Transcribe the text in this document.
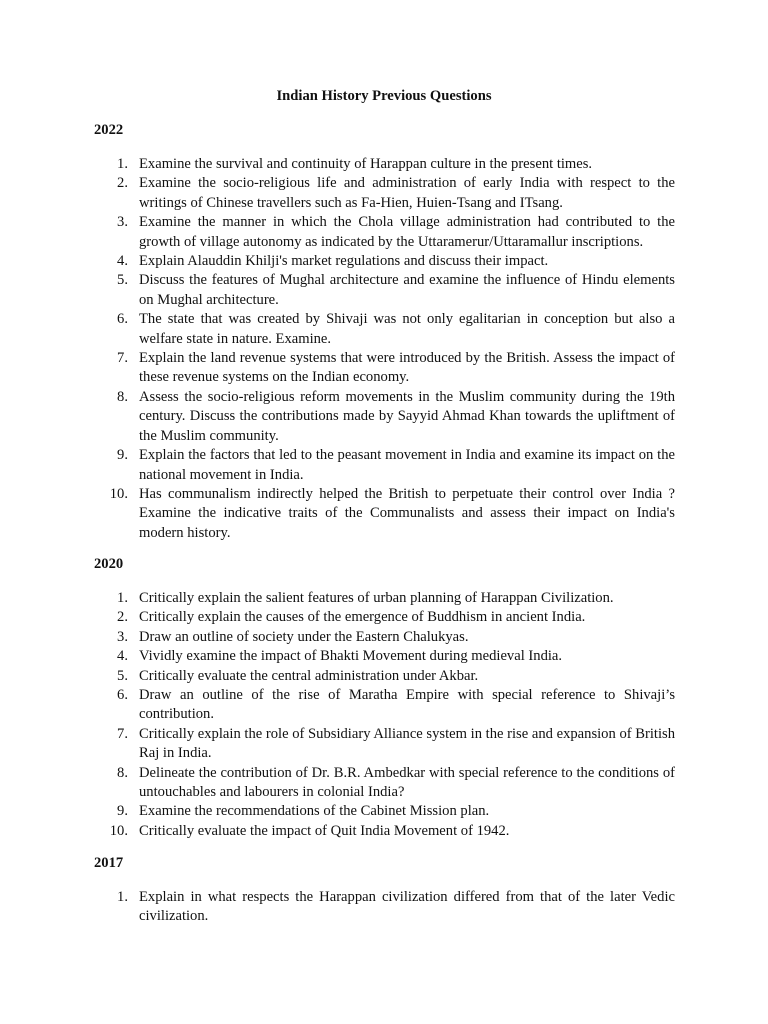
Indian History Previous Questions
2022
1. Examine the survival and continuity of Harappan culture in the present times.
2. Examine the socio-religious life and administration of early India with respect to the writings of Chinese travellers such as Fa-Hien, Huien-Tsang and ITsang.
3. Examine the manner in which the Chola village administration had contributed to the growth of village autonomy as indicated by the Uttaramerur/Uttaramallur inscriptions.
4. Explain Alauddin Khilji's market regulations and discuss their impact.
5. Discuss the features of Mughal architecture and examine the influence of Hindu elements on Mughal architecture.
6. The state that was created by Shivaji was not only egalitarian in conception but also a welfare state in nature. Examine.
7. Explain the land revenue systems that were introduced by the British. Assess the impact of these revenue systems on the Indian economy.
8. Assess the socio-religious reform movements in the Muslim community during the 19th century. Discuss the contributions made by Sayyid Ahmad Khan towards the upliftment of the Muslim community.
9. Explain the factors that led to the peasant movement in India and examine its impact on the national movement in India.
10. Has communalism indirectly helped the British to perpetuate their control over India ? Examine the indicative traits of the Communalists and assess their impact on India's modern history.
2020
1. Critically explain the salient features of urban planning of Harappan Civilization.
2. Critically explain the causes of the emergence of Buddhism in ancient India.
3. Draw an outline of society under the Eastern Chalukyas.
4. Vividly examine the impact of Bhakti Movement during medieval India.
5. Critically evaluate the central administration under Akbar.
6. Draw an outline of the rise of Maratha Empire with special reference to Shivaji’s contribution.
7. Critically explain the role of Subsidiary Alliance system in the rise and expansion of British Raj in India.
8. Delineate the contribution of Dr. B.R. Ambedkar with special reference to the conditions of untouchables and labourers in colonial India?
9. Examine the recommendations of the Cabinet Mission plan.
10. Critically evaluate the impact of Quit India Movement of 1942.
2017
1. Explain in what respects the Harappan civilization differed from that of the later Vedic civilization.
